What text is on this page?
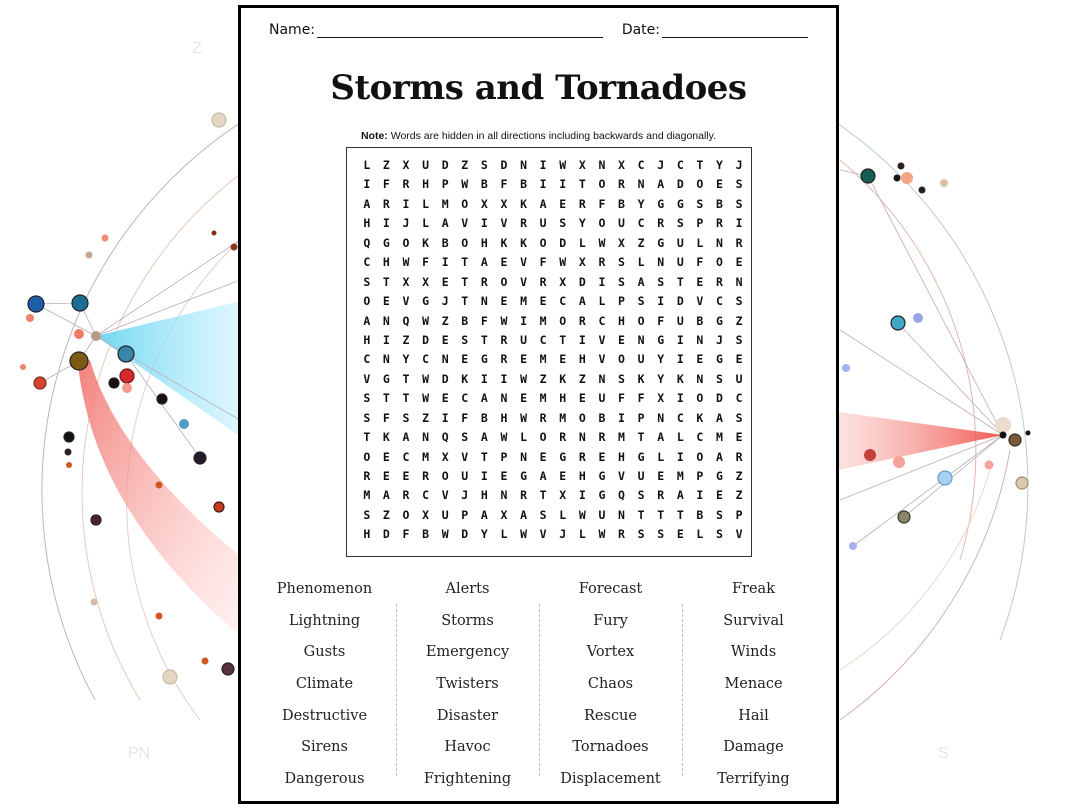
Z
PN	S
Name:	Date:
Storms and Tornadoes
Note: Words are hidden in all directions including backwards and diagonally.
L	Z	X	U	D	Z	S	D	N	I	W	X	N	X	C	J	C	T	Y	J
I	F	R	H	P	W	B	F	B	I	I	T	O	R	N	A	D	O	E	S
A	R	I	L	M	O	X	X	K	A	E	R	F	B	Y	G	G	S	B	S
H	I	J	L	A	V	I	V	R	U	S	Y	O	U	C	R	S	P	R	I
Q	G	O	K	B	O	H	K	K	O	D	L	W	X	Z	G	U	L	N	R
C	H	W	F	I	T	A	E	V	F	W	X	R	S	L	N	U	F	O	E
S	T	X	X	E	T	R	O	V	R	X	D	I	S	A	S	T	E	R	N
O	E	V	G	J	T	N	E	M	E	C	A	L	P	S	I	D	V	C	S
A	N	Q	W	Z	B	F	W	I	M	O	R	C	H	O	F	U	B	G	Z
H	I	Z	D	E	S	T	R	U	C	T	I	V	E	N	G	I	N	J	S
C	N	Y	C	N	E	G	R	E	M	E	H	V	O	U	Y	I	E	G	E
V	G	T	W	D	K	I	I	W	Z	K	Z	N	S	K	Y	K	N	S	U
S	T	T	W	E	C	A	N	E	M	H	E	U	F	F	X	I	O	D	C
S	F	S	Z	I	F	B	H	W	R	M	O	B	I	P	N	C	K	A	S
T	K	A	N	Q	S	A	W	L	O	R	N	R	M	T	A	L	C	M	E
O	E	C	M	X	V	T	P	N	E	G	R	E	H	G	L	I	O	A	R
R	E	E	R	O	U	I	E	G	A	E	H	G	V	U	E	M	P	G	Z
M	A	R	C	V	J	H	N	R	T	X	I	G	Q	S	R	A	I	E	Z
S	Z	O	X	U	P	A	X	A	S	L	W	U	N	T	T	T	B	S	P
H	D	F	B	W	D	Y	L	W	V	J	L	W	R	S	S	E	L	S	V
Phenomenon
Lightning
Gusts
Climate
Destructive
Sirens
Dangerous
Alerts
Storms
Emergency
Twisters
Disaster
Havoc
Frightening
Forecast
Fury
Vortex
Chaos
Rescue
Tornadoes
Displacement
Freak
Survival
Winds
Menace
Hail
Damage
Terrifying
